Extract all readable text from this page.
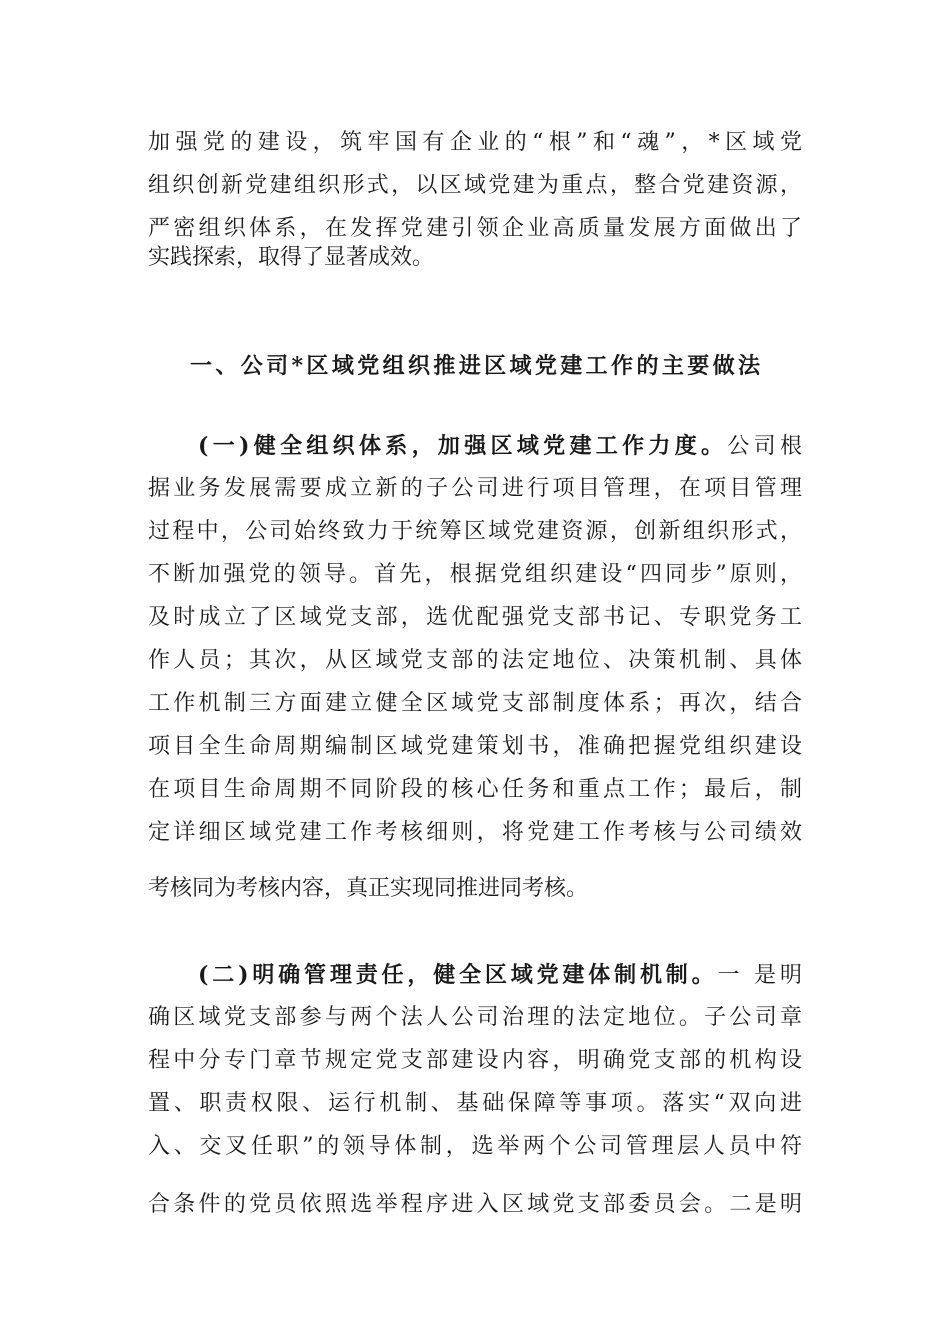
加强党的建设，筑牢国有企业的“根”和“魂”，*区域党
组织创新党建组织形式，以区域党建为重点，整合党建资源，
严密组织体系，在发挥党建引领企业高质量发展方面做出了
实践探索，取得了显著成效。
一、公司*区域党组织推进区域党建工作的主要做法
(一)健全组织体系，加强区域党建工作力度。公司根
据业务发展需要成立新的子公司进行项目管理，在项目管理
过程中，公司始终致力于统筹区域党建资源，创新组织形式，
不断加强党的领导。首先，根据党组织建设“四同步”原则，
及时成立了区域党支部，选优配强党支部书记、专职党务工
作人员；其次，从区域党支部的法定地位、决策机制、具体
工作机制三方面建立健全区域党支部制度体系；再次，结合
项目全生命周期编制区域党建策划书，准确把握党组织建设
在项目生命周期不同阶段的核心任务和重点工作；最后，制
定详细区域党建工作考核细则，将党建工作考核与公司绩效
考核同为考核内容，真正实现同推进同考核。
(二)明确管理责任，健全区域党建体制机制。一 是明
确区域党支部参与两个法人公司治理的法定地位。子公司章
程中分专门章节规定党支部建设内容，明确党支部的机构设
置、职责权限、运行机制、基础保障等事项。落实“双向进
入、交叉任职”的领导体制，选举两个公司管理层人员中符
合条件的党员依照选举程序进入区域党支部委员会。二是明
